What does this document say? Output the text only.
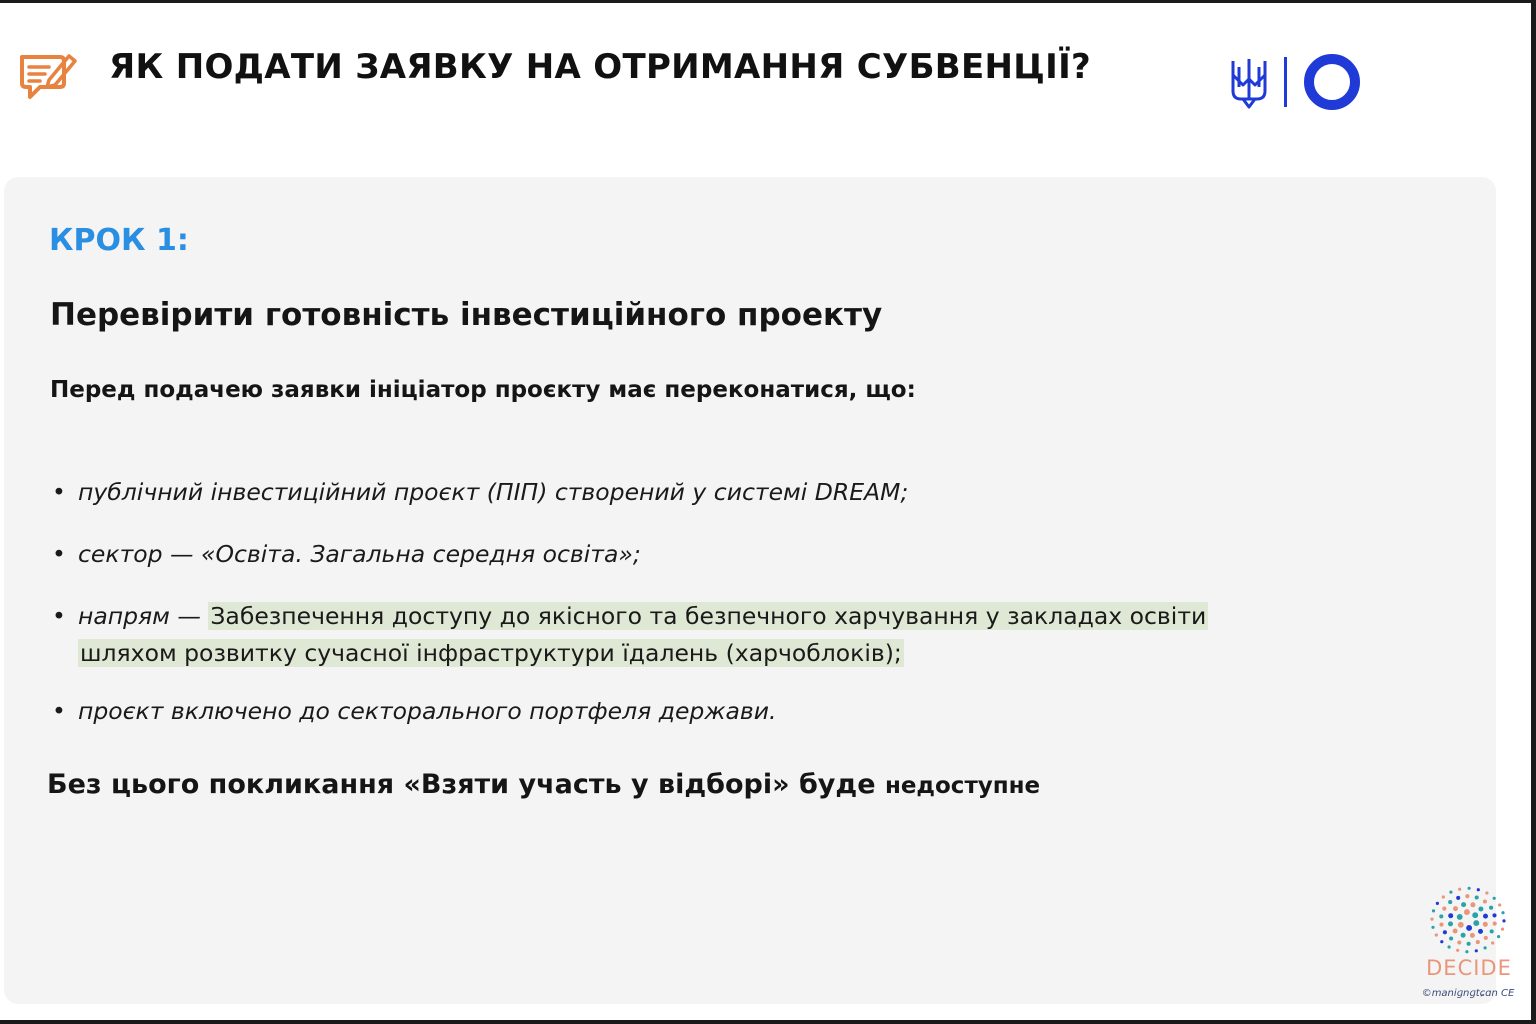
ЯК ПОДАТИ ЗАЯВКУ НА ОТРИМАННЯ СУБВЕНЦІЇ?

КРОК 1:

Перевірити готовність інвестиційного проекту

Перед подачею заявки ініціатор проєкту має переконатися, що:

• публічний інвестиційний проєкт (ПІП) створений у системі DREAM;
• сектор — «Освіта. Загальна середня освіта»;
• напрям — Забезпечення доступу до якісного та безпечного харчування у закладах освіти
шляхом розвитку сучасної інфраструктури їдалень (харчоблоків);
• проєкт включено до секторального портфеля держави.

Без цього покликання «Взяти участь у відборі» буде недоступне

DECIDE

©maniɡnɡtɕɑn CE
